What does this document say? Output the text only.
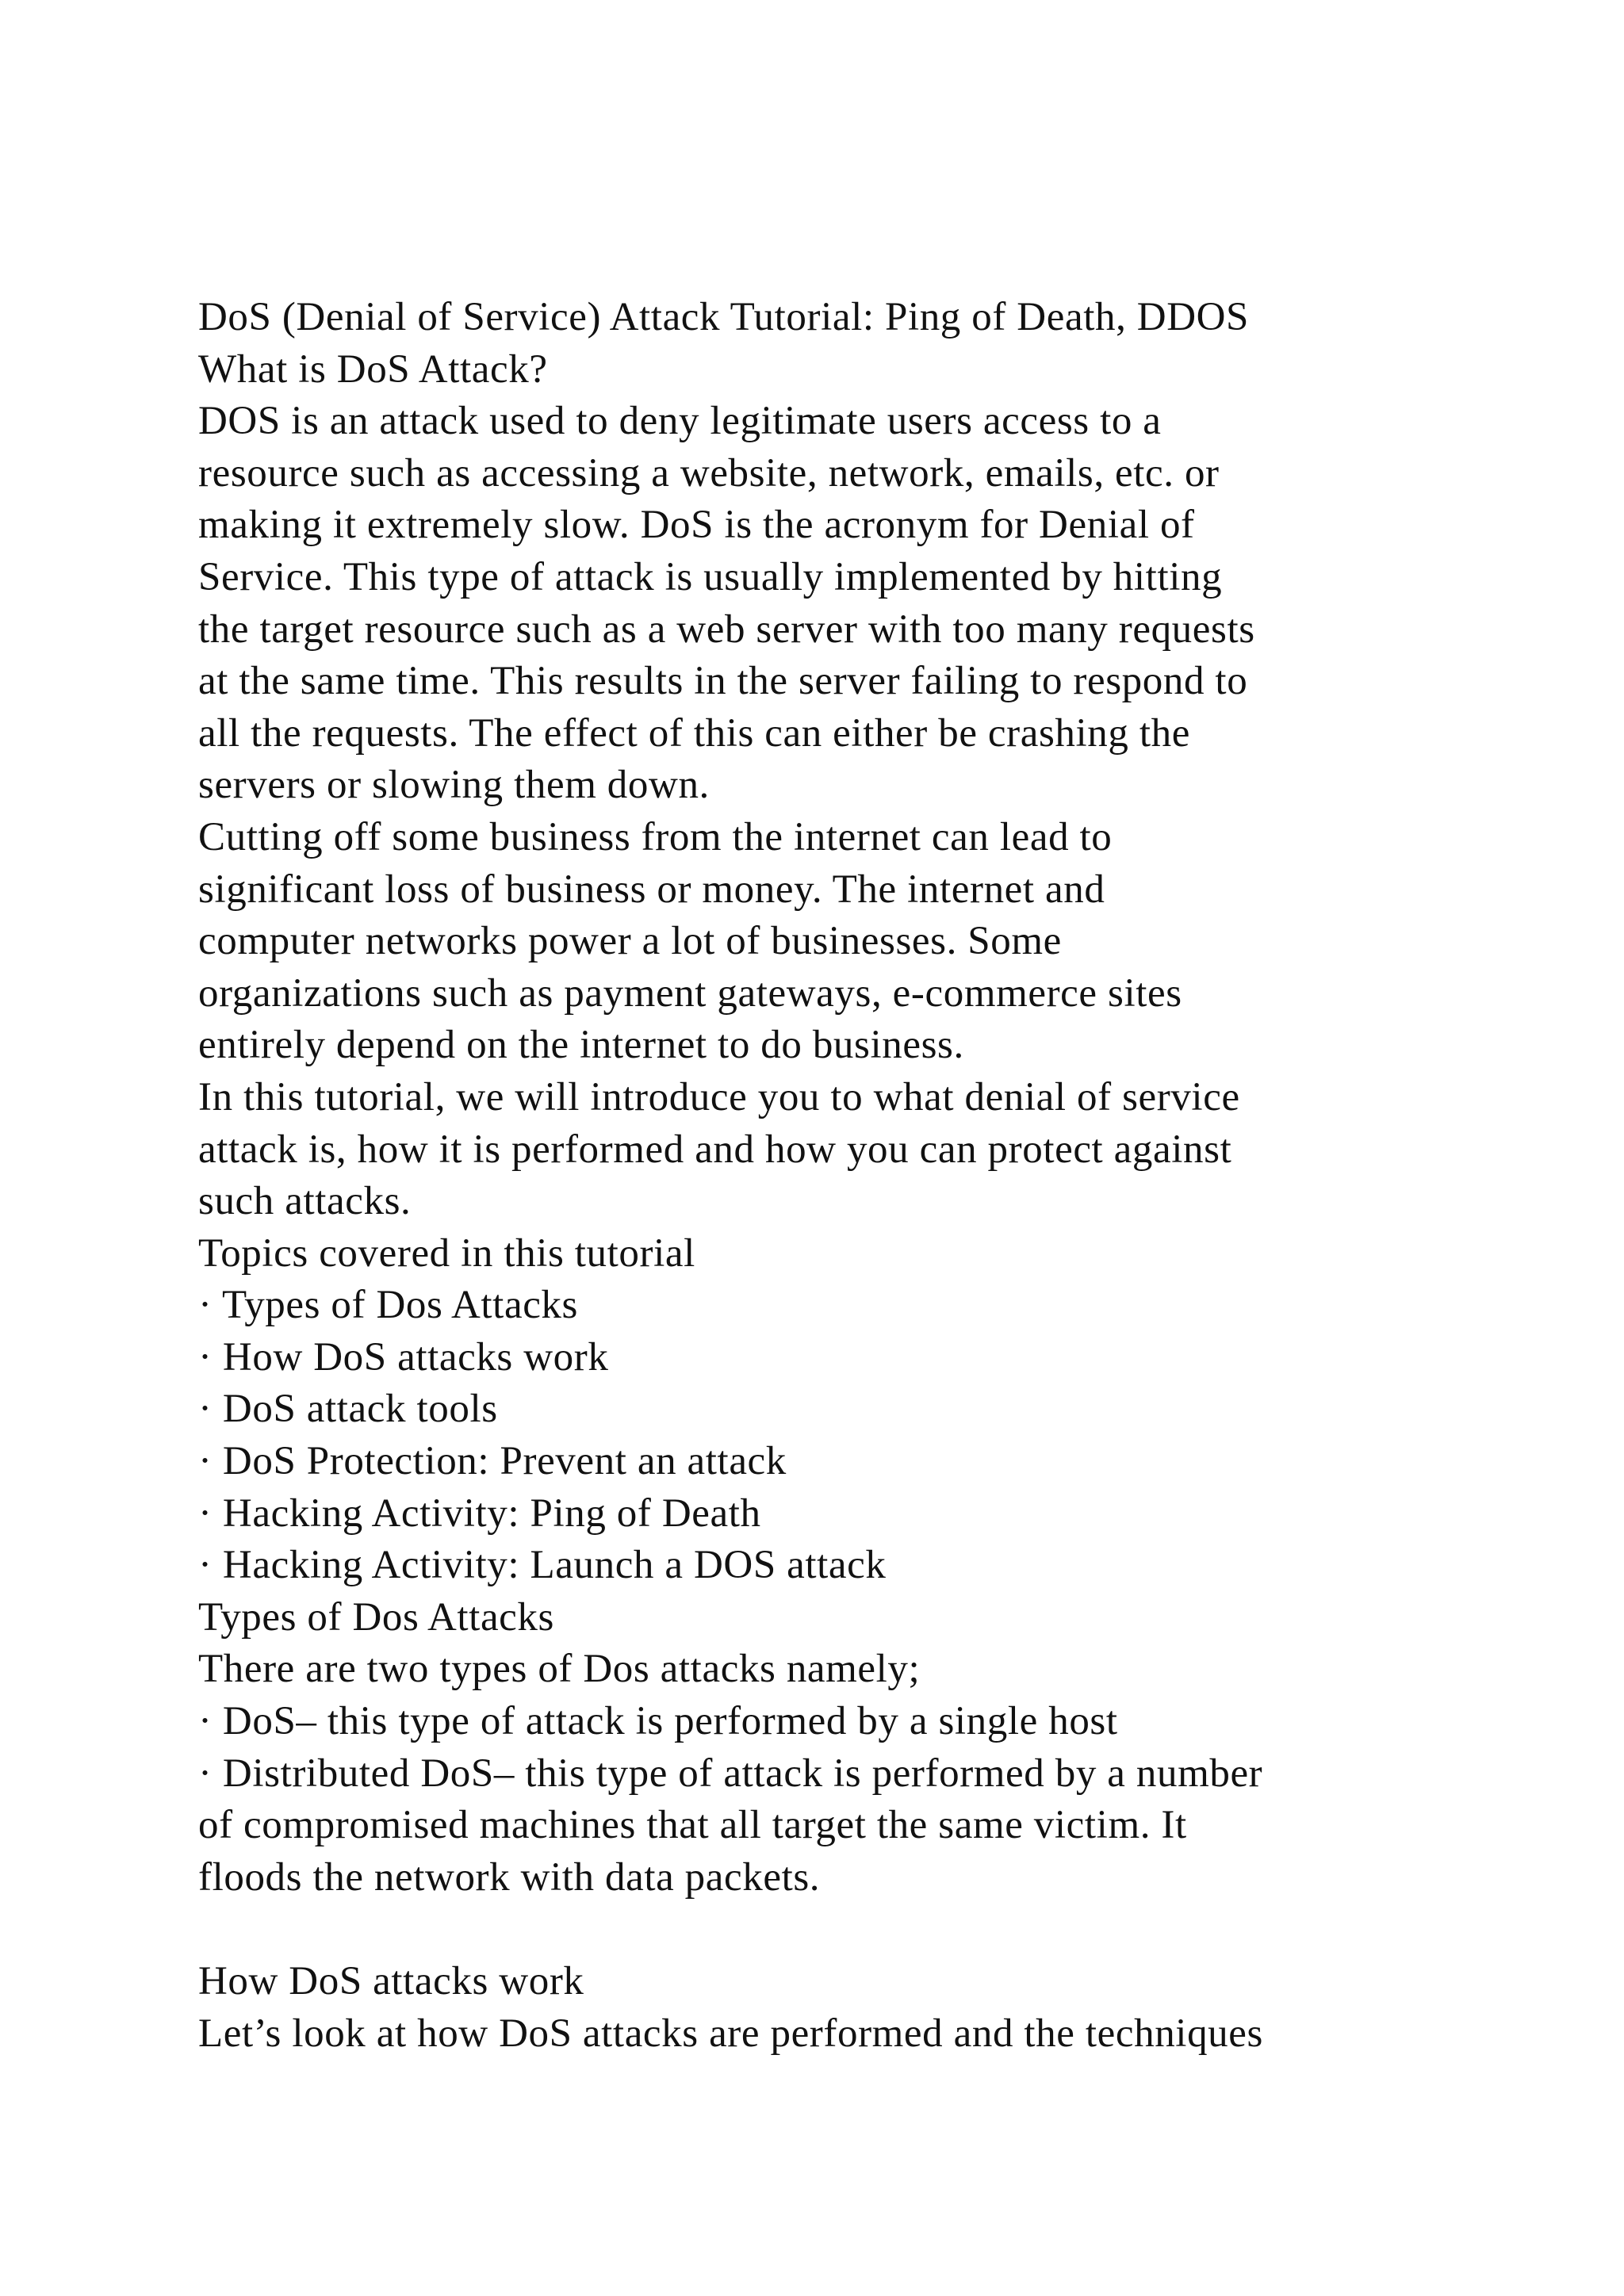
DoS (Denial of Service) Attack Tutorial: Ping of Death, DDOS
What is DoS Attack?
DOS is an attack used to deny legitimate users access to a
resource such as accessing a website, network, emails, etc. or
making it extremely slow. DoS is the acronym for Denial of
Service. This type of attack is usually implemented by hitting
the target resource such as a web server with too many requests
at the same time. This results in the server failing to respond to
all the requests. The effect of this can either be crashing the
servers or slowing them down.
Cutting off some business from the internet can lead to
significant loss of business or money. The internet and
computer networks power a lot of businesses. Some
organizations such as payment gateways, e-commerce sites
entirely depend on the internet to do business.
In this tutorial, we will introduce you to what denial of service
attack is, how it is performed and how you can protect against
such attacks.
Topics covered in this tutorial
· Types of Dos Attacks
· How DoS attacks work
· DoS attack tools
· DoS Protection: Prevent an attack
· Hacking Activity: Ping of Death
· Hacking Activity: Launch a DOS attack
Types of Dos Attacks
There are two types of Dos attacks namely;
· DoS– this type of attack is performed by a single host
· Distributed DoS– this type of attack is performed by a number
of compromised machines that all target the same victim. It
floods the network with data packets.
How DoS attacks work
Let’s look at how DoS attacks are performed and the techniques
